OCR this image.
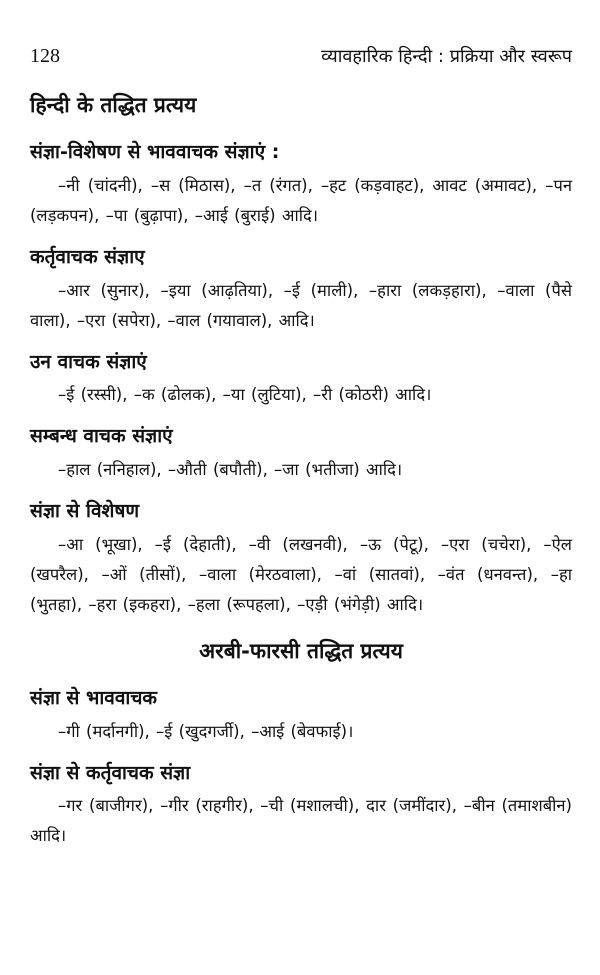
128	व्यावहारिक हिन्दी : प्रक्रिया और स्वरूप
हिन्दी के तद्धित प्रत्यय
संज्ञा-विशेषण से भाववाचक संज्ञाएं :

–नी (चांदनी), –स (मिठास), –त (रंगत), –हट (कड़वाहट), आवट (अमावट), –पन (लड़कपन), –पा (बुढ़ापा), –आई (बुराई) आदि।

कर्तृवाचक संज्ञाए

–आर (सुनार), –इया (आढ़तिया), –ई (माली), –हारा (लकड़हारा), –वाला (पैसे वाला), –एरा (सपेरा), –वाल (गयावाल), आदि।

उन वाचक संज्ञाएं

–ई (रस्सी), –क (ढोलक), –या (लुटिया), –री (कोठरी) आदि।

सम्बन्ध वाचक संज्ञाएं

–हाल (ननिहाल), –औती (बपौती), –जा (भतीजा) आदि।

संज्ञा से विशेषण

–आ (भूखा), –ई (देहाती), –वी (लखनवी), –ऊ (पेटू), –एरा (चचेरा), –ऐल (खपरैल), –ओं (तीसों), –वाला (मेरठवाला), –वां (सातवां), –वंत (धनवन्त), –हा (भुतहा), –हरा (इकहरा), –हला (रूपहला), –एड़ी (भंगेड़ी) आदि।

अरबी-फारसी तद्धित प्रत्यय
संज्ञा से भाववाचक

–गी (मर्दानगी), –ई (खुदगर्जी), –आई (बेवफाई)।

संज्ञा से कर्तृवाचक संज्ञा

–गर (बाजीगर), –गीर (राहगीर), –ची (मशालची), दार (जमींदार), –बीन (तमाशबीन) आदि।
